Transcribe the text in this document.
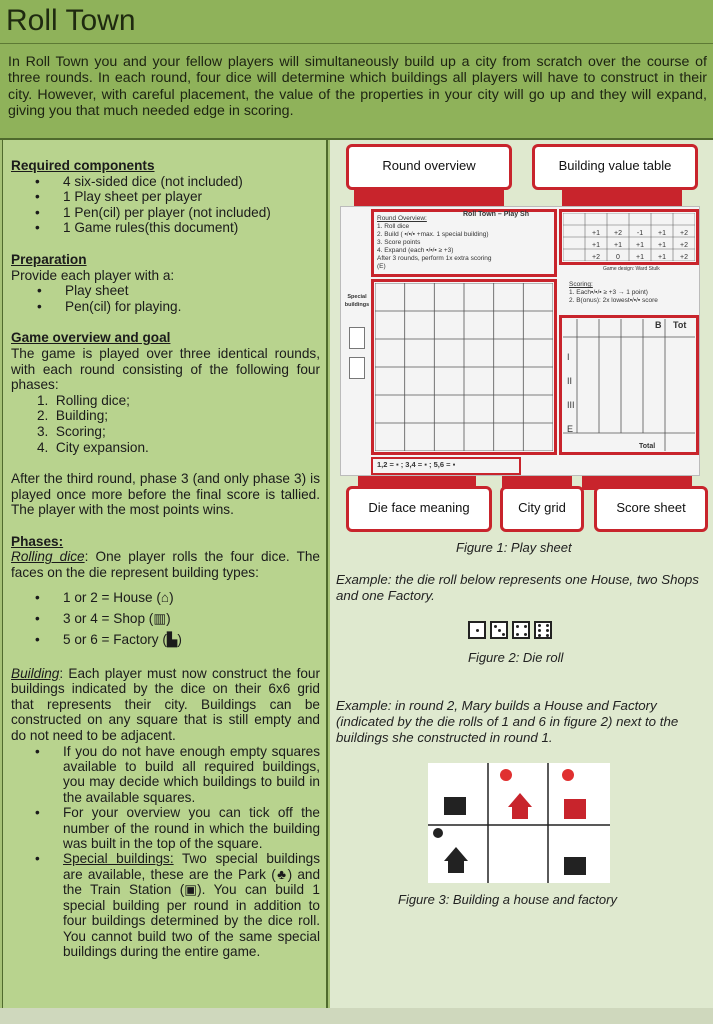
Roll Town
In Roll Town you and your fellow players will simultaneously build up a city from scratch over the course of three rounds. In each round, four dice will determine which buildings all players will have to construct in their city. However, with careful placement, the value of the properties in your city will go up and they will expand, giving you that much needed edge in scoring.
Required components
• 4 six-sided dice (not included)
• 1 Play sheet per player
• 1 Pen(cil) per player (not included)
• 1 Game rules(this document)
Preparation
Provide each player with a:
• Play sheet
• Pen(cil) for playing.
Game overview and goal
The game is played over three identical rounds, with each round consisting of the following four phases:
1.  Rolling dice;
2.  Building;
3.  Scoring;
4.  City expansion.
After the third round, phase 3 (and only phase 3) is played once more before the final score is tallied. The player with the most points wins.
Phases:
Rolling dice: One player rolls the four dice. The faces on the die represent building types:
• 1 or 2 = House (⌂)
• 3 or 4 = Shop (▥)
• 5 or 6 = Factory (▙)
Building: Each player must now construct the four buildings indicated by the dice on their 6x6 grid that represents their city. Buildings can be constructed on any square that is still empty and do not need to be adjacent.
• If you do not have enough empty squares available to build all required buildings, you may decide which buildings to build in the available squares.
• For your overview you can tick off the number of the round in which the building was built in the top of the square.
• Special buildings: Two special buildings are available, these are the Park (♣) and the Train Station (▣). You can build 1 special building per round in addition to four buildings determined by the dice roll. You cannot build two of the same special buildings during the entire game.
Round overview	Building value table
Round Overview:
1. Roll dice
2. Build ( ▪/▪/▪ +max. 1 special building)
3. Score points
4. Expand (each ▪/▪/▪ ≥ +3)
After 3 rounds, perform 1x extra scoring (E)
Roll Town – Play Sh
Game design: Ward Stulk
+1 +2 -1 +1 +2
+1 +1 +1 +1 +2
+2 0 +1 +1 +2
Scoring:
1. Each▪/▪/▪ ≥ +3 → 1 point)
2. B(onus): 2x lowest▪/▪/▪ score
Special buildings
B Tot
I
II
III
E
Total
1,2 = ▪ ; 3,4 = ▪ ; 5,6 = ▪
Die face meaning	City grid	Score sheet
Figure 1: Play sheet
Example: the die roll below represents one House, two Shops and one Factory.
Figure 2: Die roll
Example: in round 2, Mary builds a House and Factory (indicated by the die rolls of 1 and 6 in figure 2) next to the buildings she constructed in round 1.
Figure 3: Building a house and factory
